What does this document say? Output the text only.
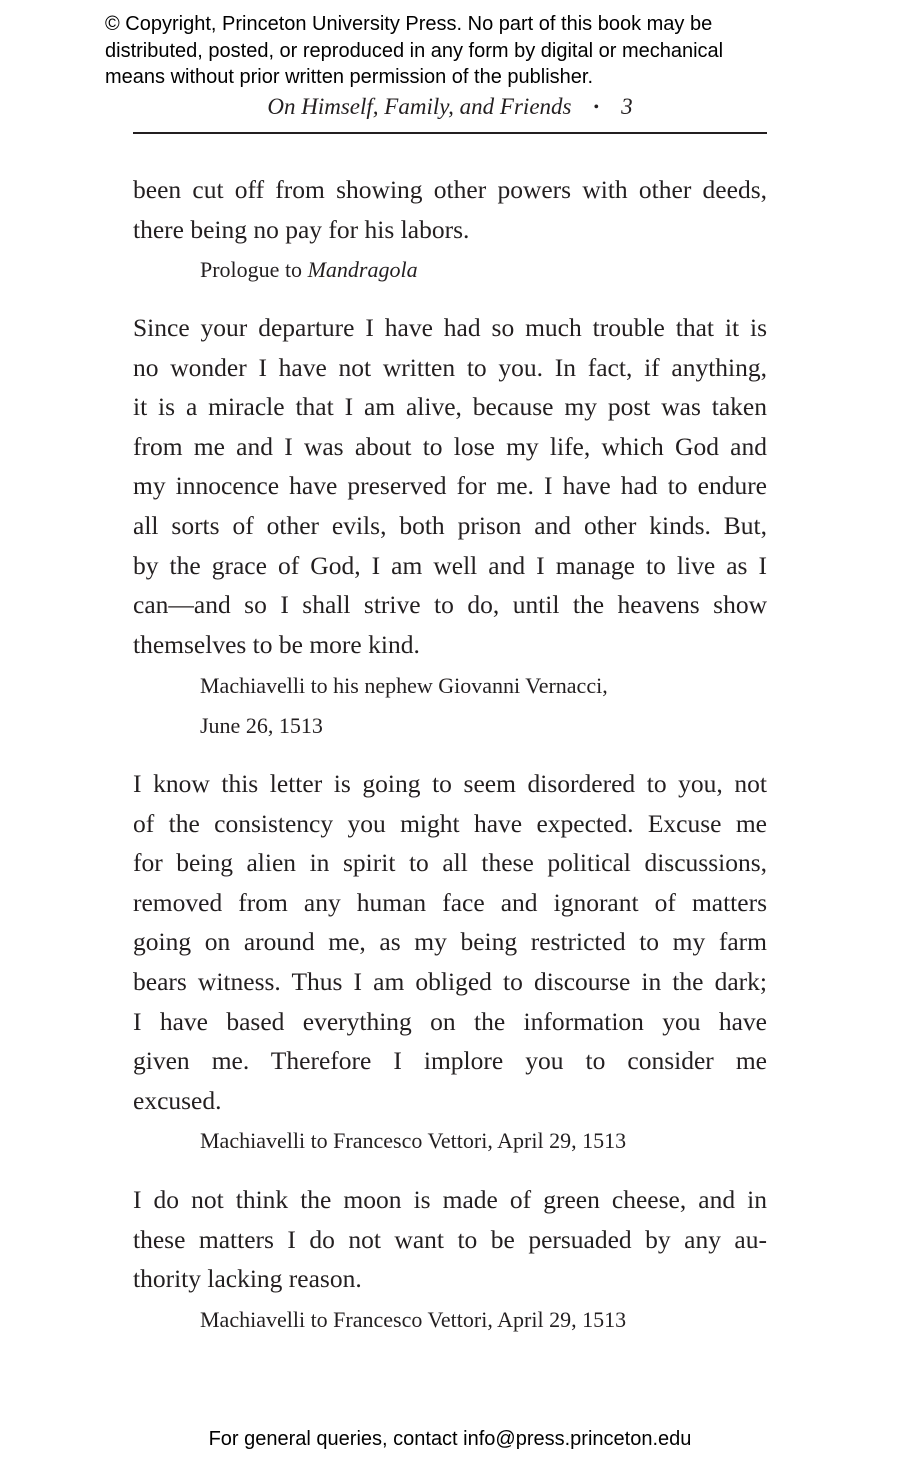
© Copyright, Princeton University Press. No part of this book may be
distributed, posted, or reproduced in any form by digital or mechanical
means without prior written permission of the publisher.
On Himself, Family, and Friends • 3
been cut off from showing other powers with other deeds,
there being no pay for his labors.
Prologue to Mandragola
Since your departure I have had so much trouble that it is
no wonder I have not written to you. In fact, if anything,
it is a miracle that I am alive, because my post was taken
from me and I was about to lose my life, which God and
my innocence have preserved for me. I have had to endure
all sorts of other evils, both prison and other kinds. But,
by the grace of God, I am well and I manage to live as I
can—and so I shall strive to do, until the heavens show
themselves to be more kind.
Machiavelli to his nephew Giovanni Vernacci,
June 26, 1513
I know this letter is going to seem disordered to you, not
of the consistency you might have expected. Excuse me
for being alien in spirit to all these political discussions,
removed from any human face and ignorant of matters
going on around me, as my being restricted to my farm
bears witness. Thus I am obliged to discourse in the dark;
I have based everything on the information you have
given me. Therefore I implore you to consider me
excused.
Machiavelli to Francesco Vettori, April 29, 1513
I do not think the moon is made of green cheese, and in
these matters I do not want to be persuaded by any au-
thority lacking reason.
Machiavelli to Francesco Vettori, April 29, 1513
For general queries, contact info@press.princeton.edu
